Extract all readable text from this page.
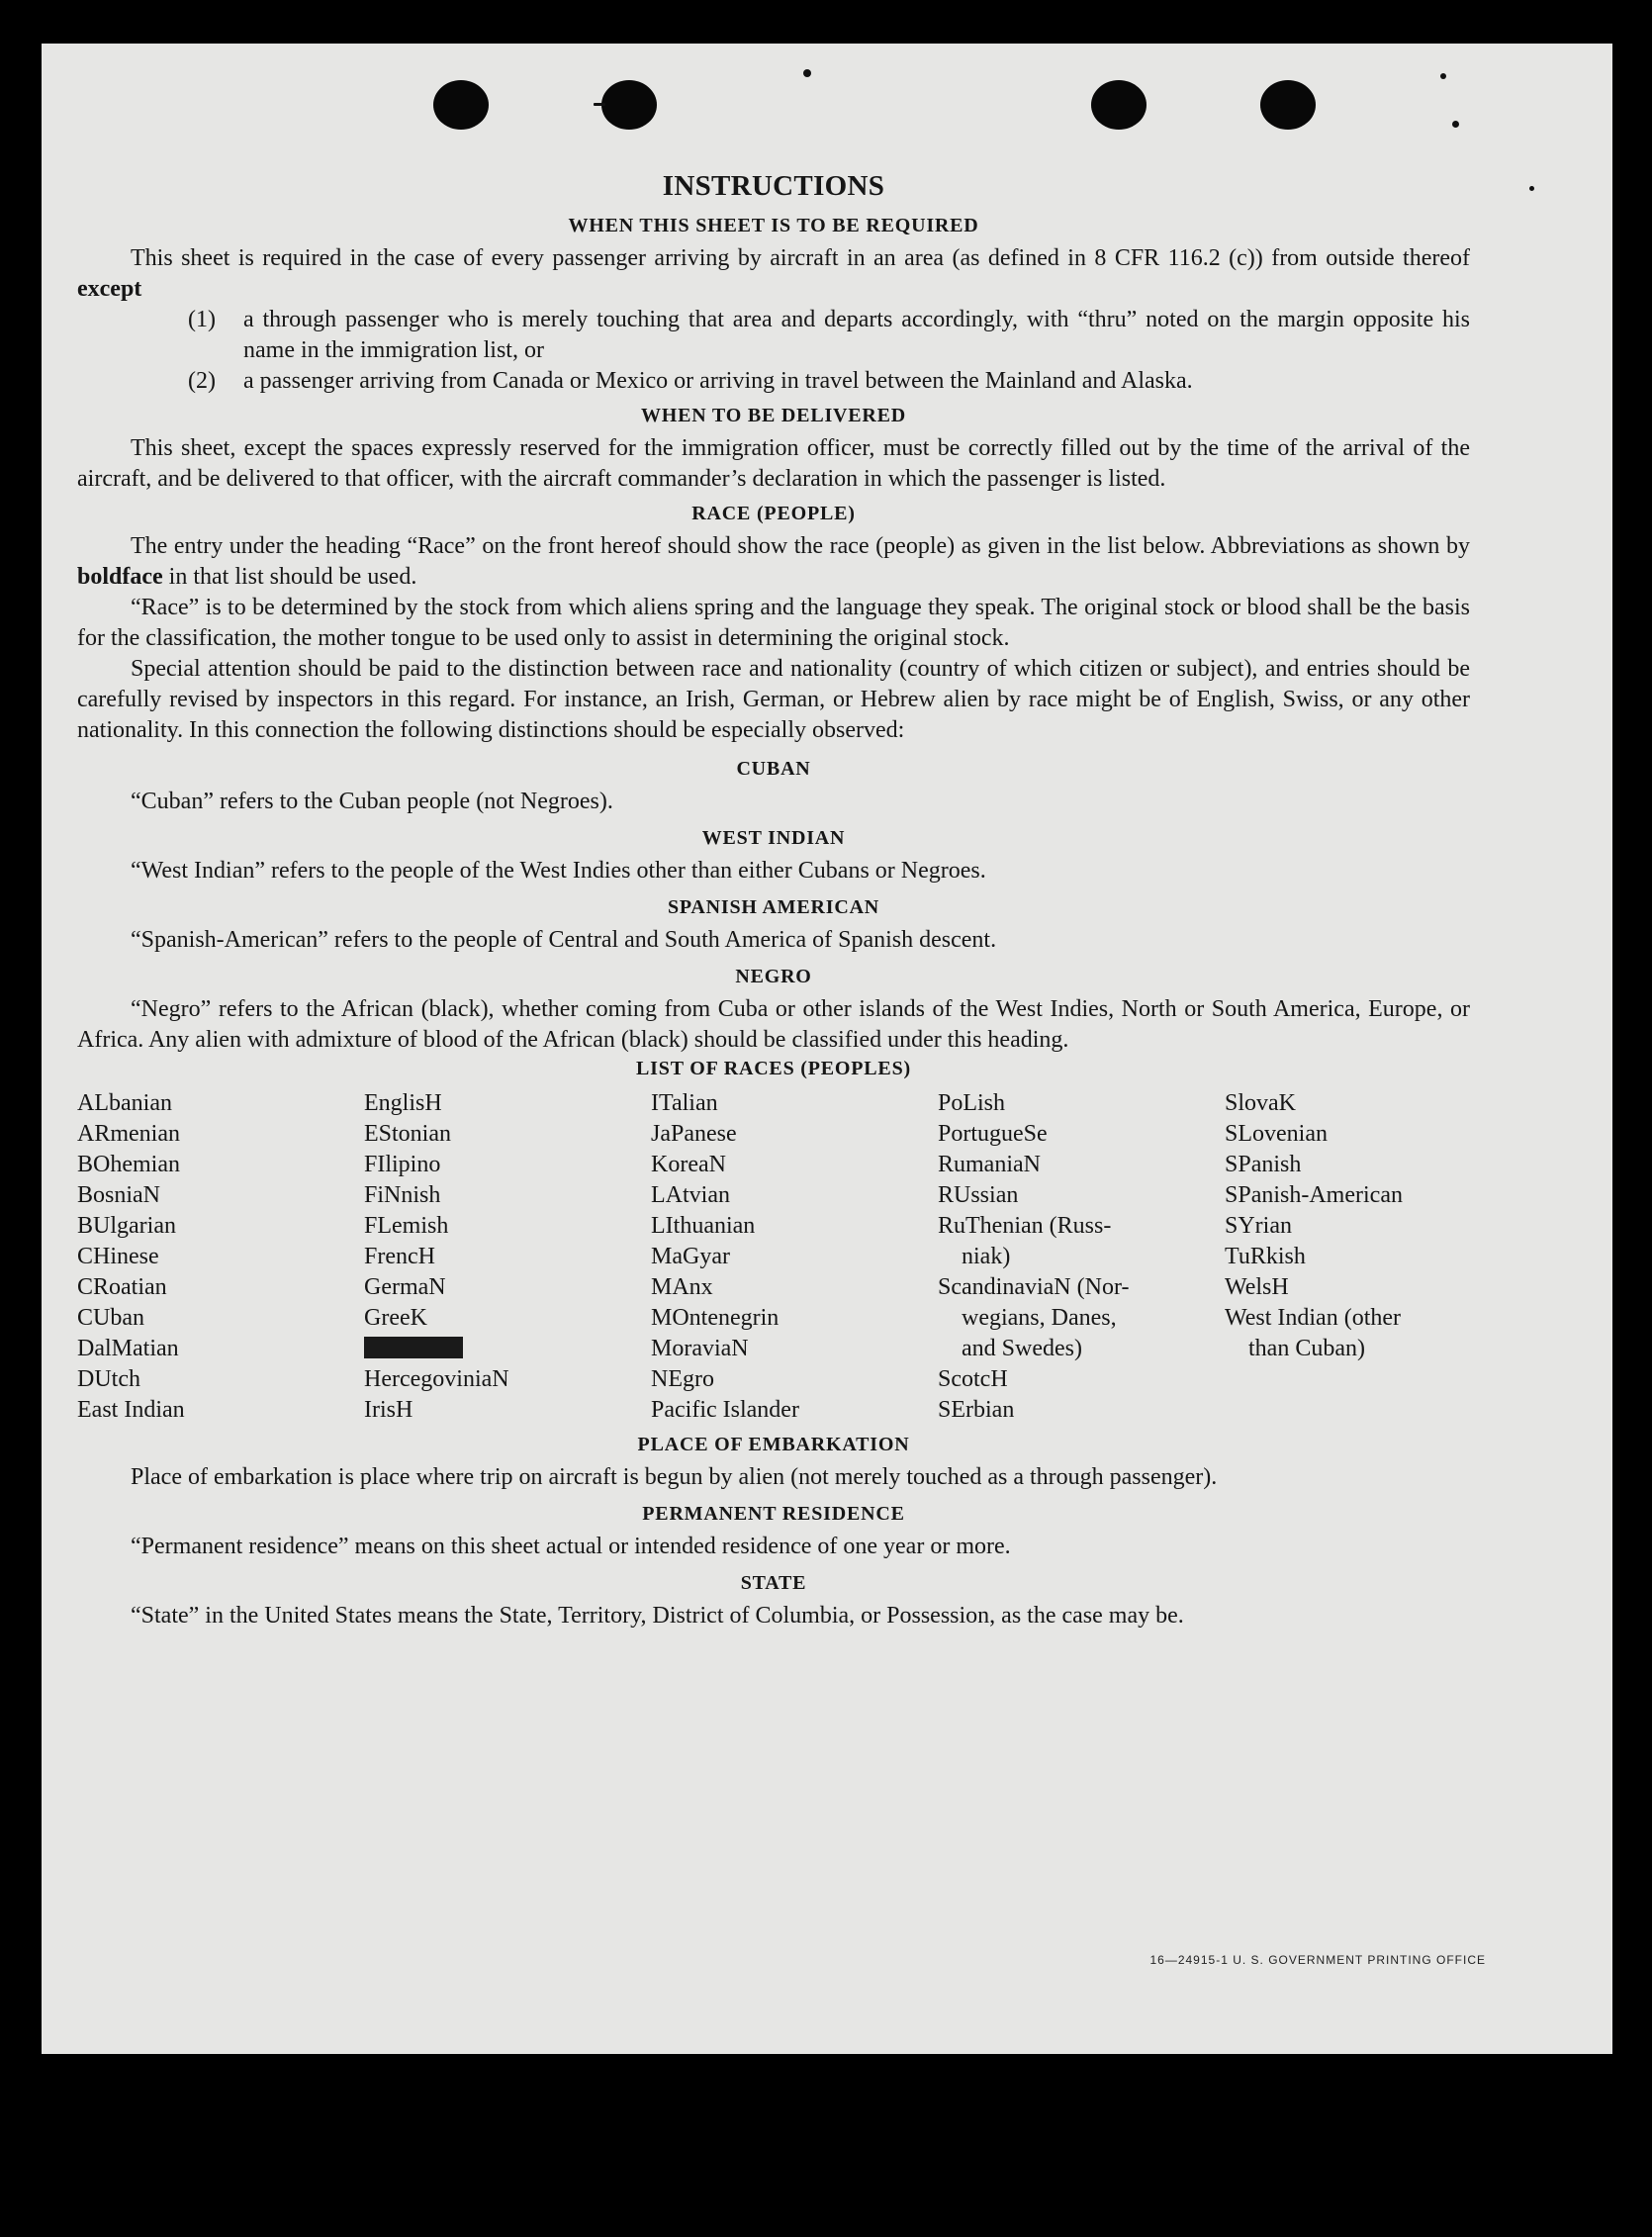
INSTRUCTIONS
WHEN THIS SHEET IS TO BE REQUIRED

This sheet is required in the case of every passenger arriving by aircraft in an area (as defined in 8 CFR 116.2 (c)) from outside thereof except

(1)	a through passenger who is merely touching that area and departs accordingly, with “thru” noted on the margin opposite his name in the immigration list, or
(2)	a passenger arriving from Canada or Mexico or arriving in travel between the Mainland and Alaska.
WHEN TO BE DELIVERED

This sheet, except the spaces expressly reserved for the immigration officer, must be correctly filled out by the time of the arrival of the aircraft, and be delivered to that officer, with the aircraft commander’s declaration in which the passenger is listed.

RACE (PEOPLE)

The entry under the heading “Race” on the front hereof should show the race (people) as given in the list below. Abbreviations as shown by boldface in that list should be used.

“Race” is to be determined by the stock from which aliens spring and the language they speak. The original stock or blood shall be the basis for the classification, the mother tongue to be used only to assist in determining the original stock.

Special attention should be paid to the distinction between race and nationality (country of which citizen or subject), and entries should be carefully revised by inspectors in this regard. For instance, an Irish, German, or Hebrew alien by race might be of English, Swiss, or any other nationality. In this connection the following distinctions should be especially observed:

CUBAN
“Cuban” refers to the Cuban people (not Negroes).
WEST INDIAN
“West Indian” refers to the people of the West Indies other than either Cubans or Negroes.
SPANISH AMERICAN
“Spanish-American” refers to the people of Central and South America of Spanish descent.
NEGRO

“Negro” refers to the African (black), whether coming from Cuba or other islands of the West Indies, North or South America, Europe, or Africa. Any alien with admixture of blood of the African (black) should be classified under this heading.

LIST OF RACES (PEOPLES)
ALbanian
ARmenian
BOhemian
BosniaN
BUlgarian
CHinese
CRoatian
CUban
DalMatian
DUtch
East Indian
EnglisH
EStonian
FIlipino
FiNnish
FLemish
FrencH
GermaN
GreeK
HercegoviniaN
IrisH
ITalian
JaPanese
KoreaN
LAtvian
LIthuanian
MaGyar
MAnx
MOntenegrin
MoraviaN
NEgro
Pacific Islander
PoLish
PortugueSe
RumaniaN
RUssian
RuThenian (Russ-
niak)
ScandinaviaN (Nor-
wegians, Danes,
and Swedes)
ScotcH
SErbian
SlovaK
SLovenian
SPanish
SPanish-American
SYrian
TuRkish
WelsH
West Indian (other
than Cuban)
PLACE OF EMBARKATION

Place of embarkation is place where trip on aircraft is begun by alien (not merely touched as a through passenger).

PERMANENT RESIDENCE
“Permanent residence” means on this sheet actual or intended residence of one year or more.
STATE

“State” in the United States means the State, Territory, District of Columbia, or Possession, as the case may be.

16—24915-1 U. S. GOVERNMENT PRINTING OFFICE
